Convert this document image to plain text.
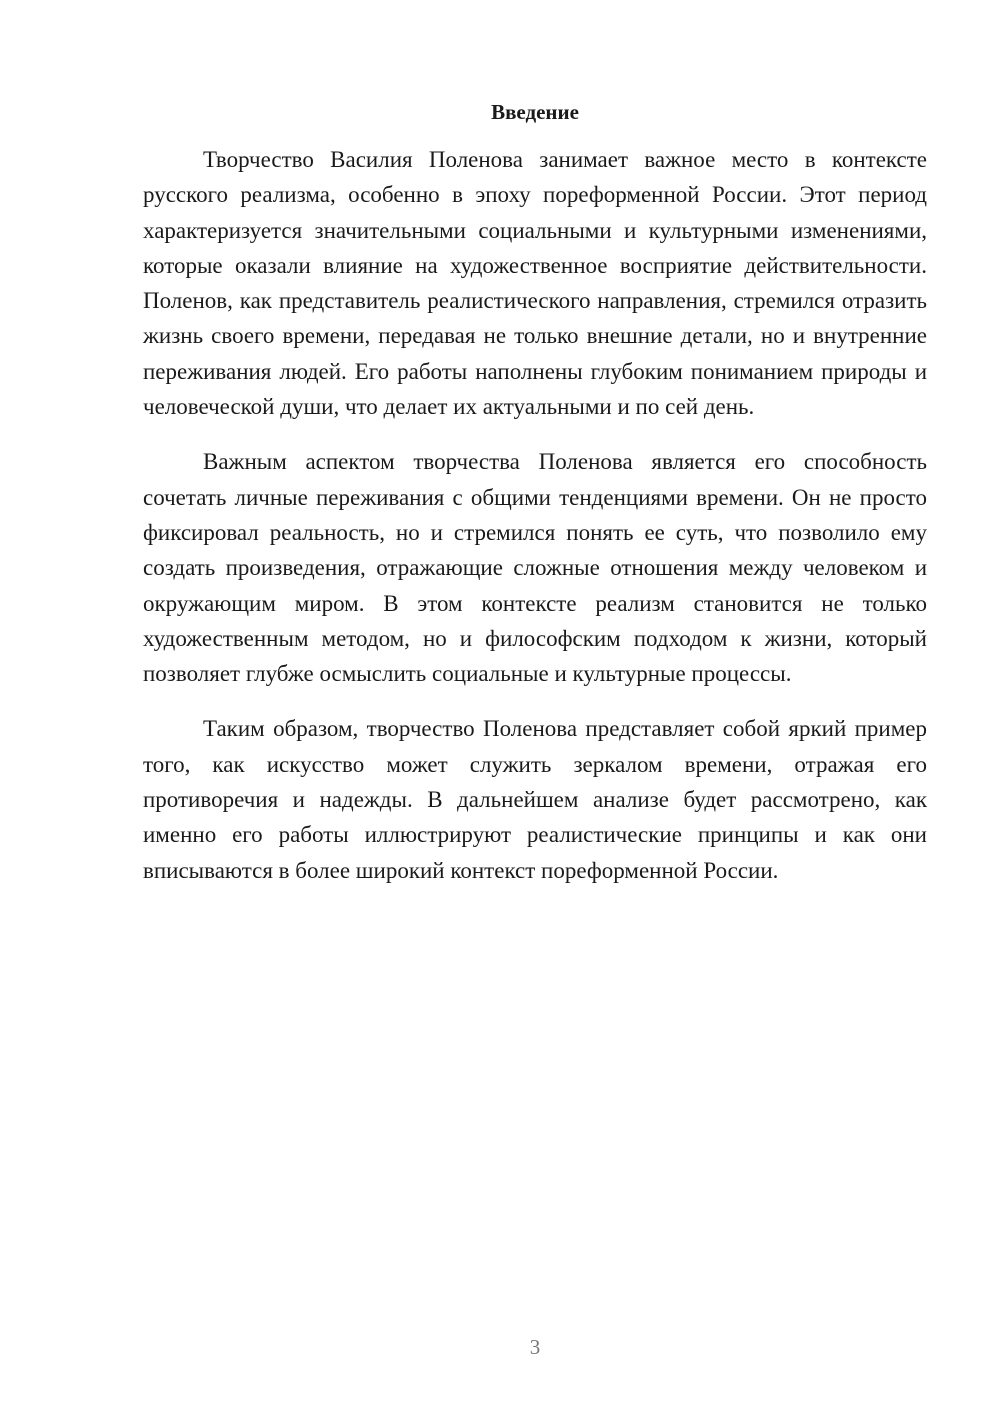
Введение

Творчество Василия Поленова занимает важное место в контексте русского реализма, особенно в эпоху пореформенной России. Этот период характеризуется значительными социальными и культурными изменениями, которые оказали влияние на художественное восприятие действительности. Поленов, как представитель реалистического направления, стремился отразить жизнь своего времени, передавая не только внешние детали, но и внутренние переживания людей. Его работы наполнены глубоким пониманием природы и человеческой души, что делает их актуальными и по сей день.

Важным аспектом творчества Поленова является его способность сочетать личные переживания с общими тенденциями времени. Он не просто фиксировал реальность, но и стремился понять ее суть, что позволило ему создать произведения, отражающие сложные отношения между человеком и окружающим миром. В этом контексте реализм становится не только художественным методом, но и философским подходом к жизни, который позволяет глубже осмыслить социальные и культурные процессы.

Таким образом, творчество Поленова представляет собой яркий пример того, как искусство может служить зеркалом времени, отражая его противоречия и надежды. В дальнейшем анализе будет рассмотрено, как именно его работы иллюстрируют реалистические принципы и как они вписываются в более широкий контекст пореформенной России.

3
